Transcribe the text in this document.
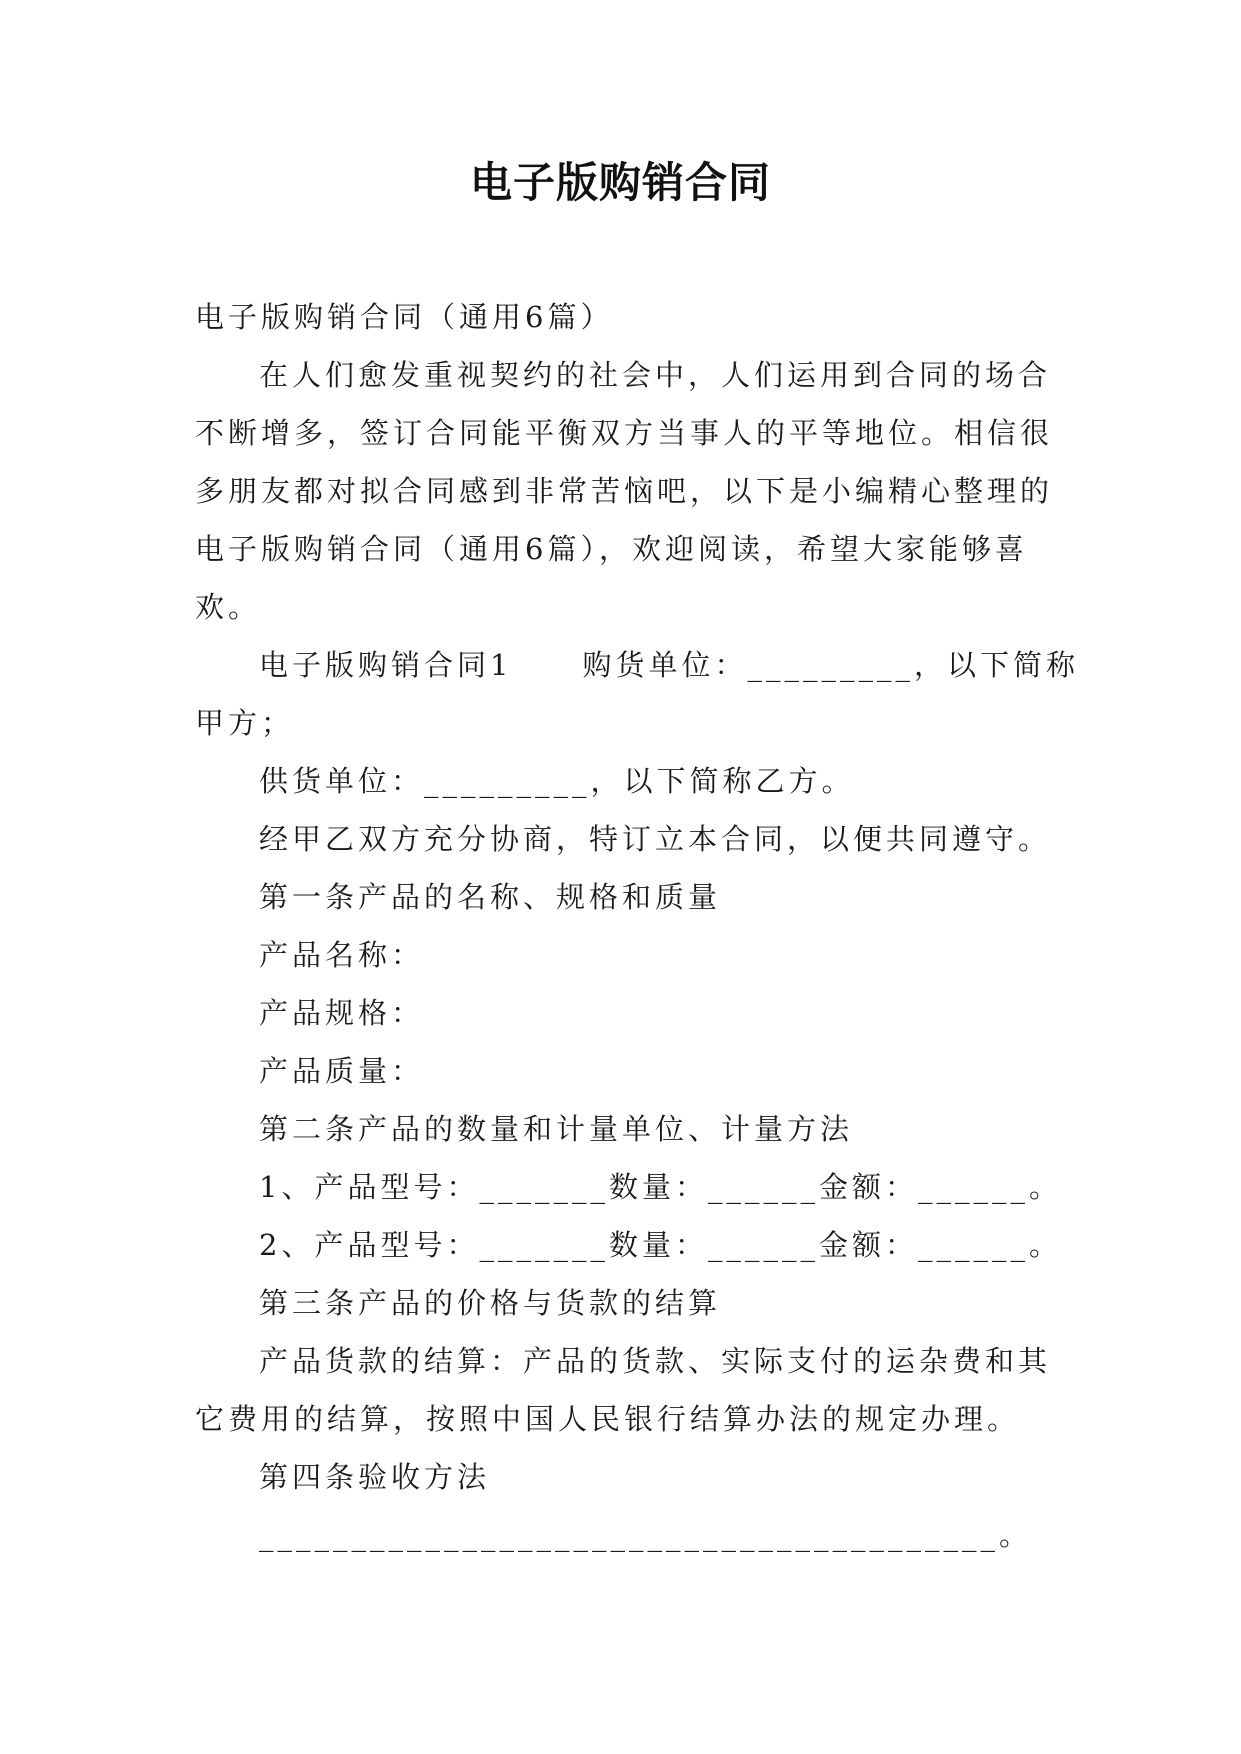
电子版购销合同
电子版购销合同（通用6篇）
在人们愈发重视契约的社会中，人们运用到合同的场合
不断增多，签订合同能平衡双方当事人的平等地位。相信很
多朋友都对拟合同感到非常苦恼吧，以下是小编精心整理的
电子版购销合同（通用6篇），欢迎阅读，希望大家能够喜
欢。
电子版购销合同1 购货单位：_________，以下简称
甲方；
供货单位：_________，以下简称乙方。
经甲乙双方充分协商，特订立本合同，以便共同遵守。
第一条产品的名称、规格和质量
产品名称：
产品规格：
产品质量：
第二条产品的数量和计量单位、计量方法
1、产品型号：_______数量：______金额：______。
2、产品型号：_______数量：______金额：______。
第三条产品的价格与货款的结算
产品货款的结算：产品的货款、实际支付的运杂费和其
它费用的结算，按照中国人民银行结算办法的规定办理。
第四条验收方法
________________________________________。
